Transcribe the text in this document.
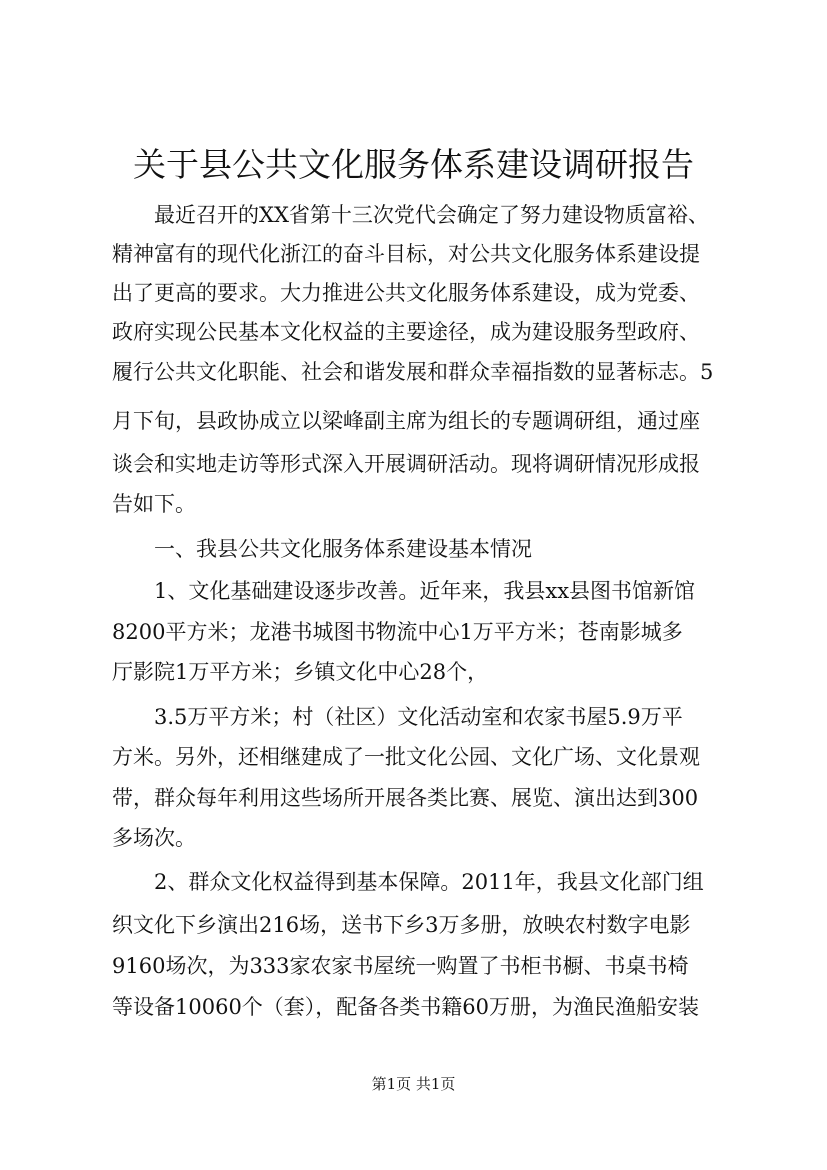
关于县公共文化服务体系建设调研报告
　　最近召开的XX省第十三次党代会确定了努力建设物质富裕、
精神富有的现代化浙江的奋斗目标，对公共文化服务体系建设提
出了更高的要求。大力推进公共文化服务体系建设，成为党委、
政府实现公民基本文化权益的主要途径，成为建设服务型政府、
履行公共文化职能、社会和谐发展和群众幸福指数的显著标志。5
月下旬，县政协成立以梁峰副主席为组长的专题调研组，通过座
谈会和实地走访等形式深入开展调研活动。现将调研情况形成报
告如下。
　　一、我县公共文化服务体系建设基本情况
　　1、文化基础建设逐步改善。近年来，我县xx县图书馆新馆
8200平方米；龙港书城图书物流中心1万平方米；苍南影城多
厅影院1万平方米；乡镇文化中心28个，
　　3.5万平方米；村（社区）文化活动室和农家书屋5.9万平
方米。另外，还相继建成了一批文化公园、文化广场、文化景观
带，群众每年利用这些场所开展各类比赛、展览、演出达到300
多场次。
　　2、群众文化权益得到基本保障。2011年，我县文化部门组
织文化下乡演出216场，送书下乡3万多册，放映农村数字电影
9160场次，为333家农家书屋统一购置了书柜书橱、书桌书椅
等设备10060个（套），配备各类书籍60万册，为渔民渔船安装
第1页 共1页
